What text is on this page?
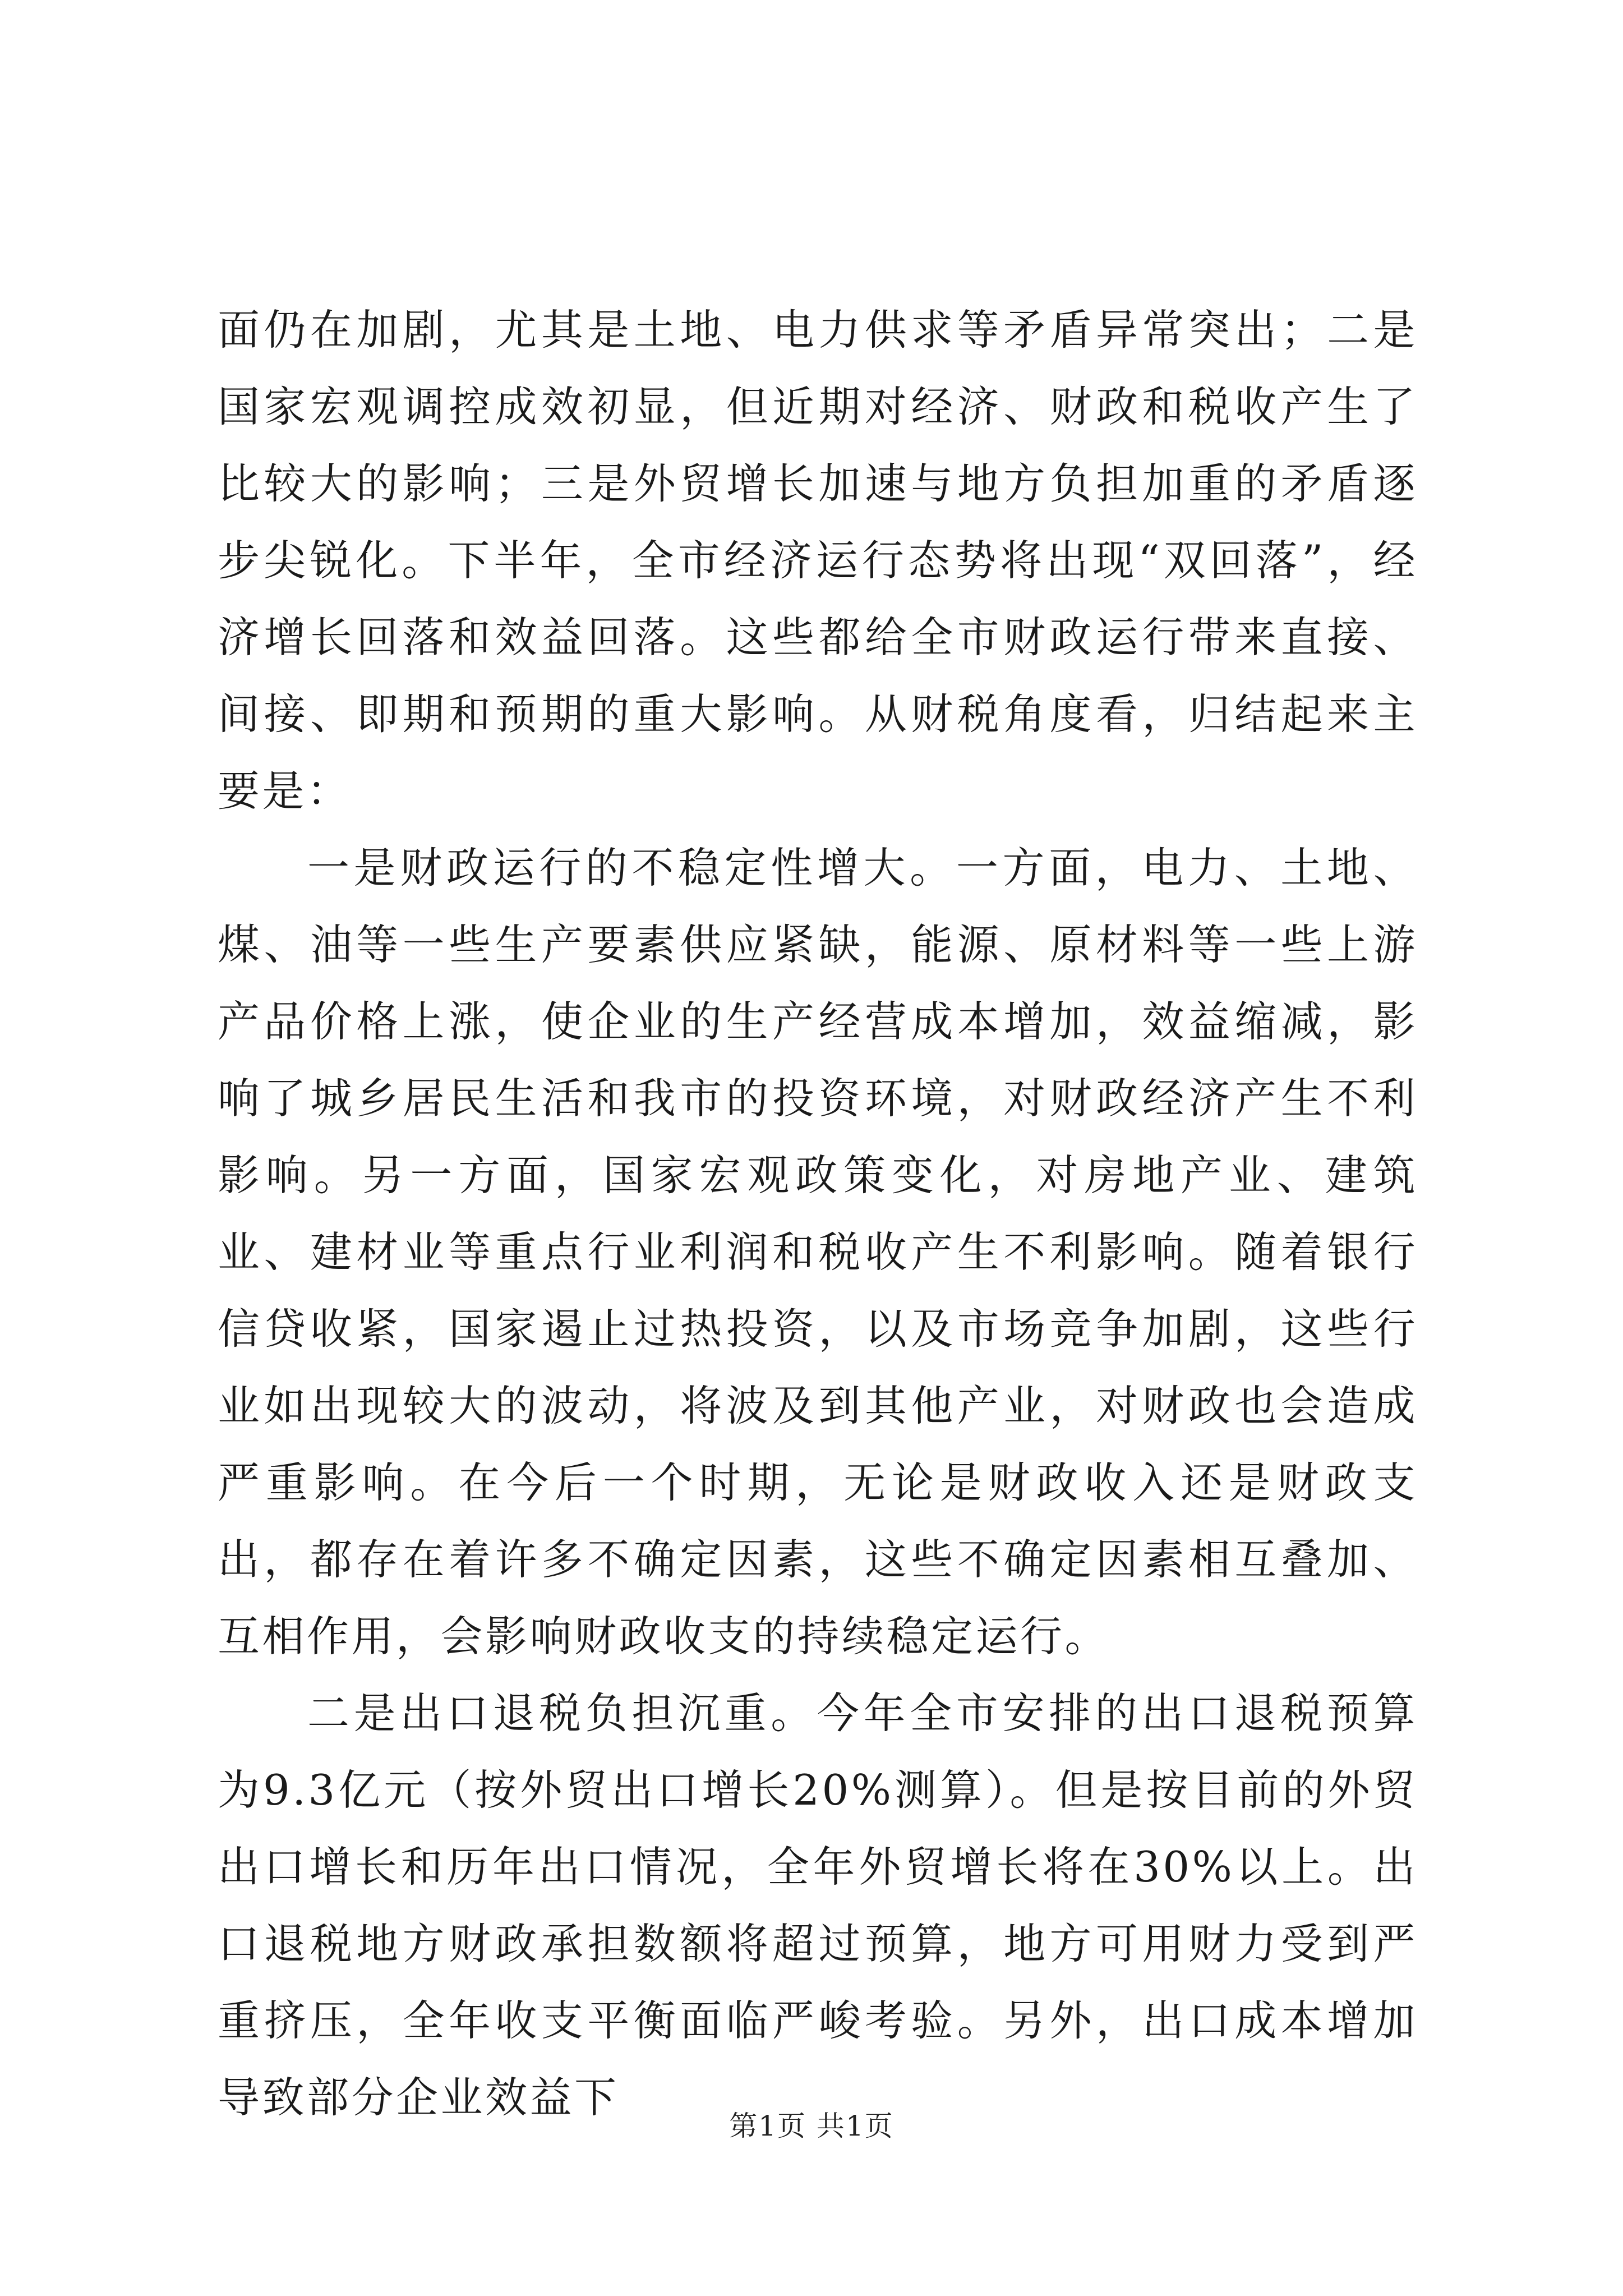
面仍在加剧，尤其是土地、电力供求等矛盾异常突出；二是国家宏观调控成效初显，但近期对经济、财政和税收产生了比较大的影响；三是外贸增长加速与地方负担加重的矛盾逐步尖锐化。下半年，全市经济运行态势将出现“双回落”，经济增长回落和效益回落。这些都给全市财政运行带来直接、间接、即期和预期的重大影响。从财税角度看，归结起来主要是：

一是财政运行的不稳定性增大。一方面，电力、土地、煤、油等一些生产要素供应紧缺，能源、原材料等一些上游产品价格上涨，使企业的生产经营成本增加，效益缩减，影响了城乡居民生活和我市的投资环境，对财政经济产生不利影响。另一方面，国家宏观政策变化，对房地产业、建筑业、建材业等重点行业利润和税收产生不利影响。随着银行信贷收紧，国家遏止过热投资，以及市场竞争加剧，这些行业如出现较大的波动，将波及到其他产业，对财政也会造成严重影响。在今后一个时期，无论是财政收入还是财政支出，都存在着许多不确定因素，这些不确定因素相互叠加、互相作用，会影响财政收支的持续稳定运行。

二是出口退税负担沉重。今年全市安排的出口退税预算为9.3亿元（按外贸出口增长20%测算）。但是按目前的外贸出口增长和历年出口情况，全年外贸增长将在30%以上。出口退税地方财政承担数额将超过预算，地方可用财力受到严重挤压，全年收支平衡面临严峻考验。另外，出口成本增加导致部分企业效益下

第1页 共1页
